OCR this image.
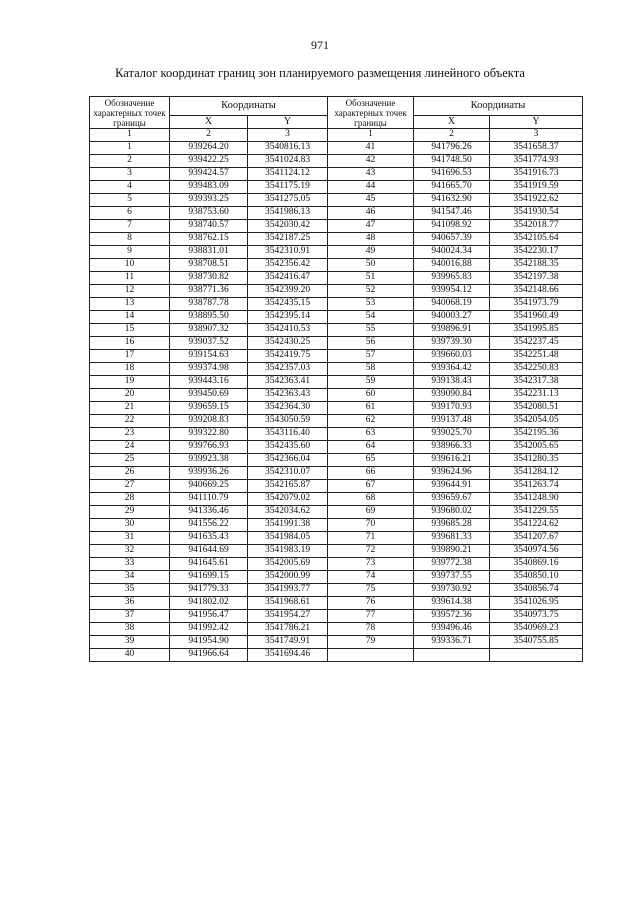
971
Каталог координат границ зон планируемого размещения линейного объекта
Обозначение характерных точек границы	Координаты		Обозначение характерных точек границы	Координаты	
	X	Y		X	Y
1	2	3	1	2	3
1	939264.20	3540816.13	41	941796.26	3541658.37
2	939422.25	3541024.83	42	941748.50	3541774.93
3	939424.57	3541124.12	43	941696.53	3541916.73
4	939483.09	3541175.19	44	941665.70	3541919.59
5	939393.25	3541275.05	45	941632.90	3541922.62
6	938753.60	3541986.13	46	941547.46	3541930.54
7	938740.57	3542030.42	47	941098.92	3542018.77
8	938762.15	3542187.25	48	940657.39	3542105.64
9	938831.01	3542310.91	49	940024.34	3542230.17
10	938708.51	3542356.42	50	940016.88	3542188.35
11	938730.82	3542416.47	51	939965.83	3542197.38
12	938771.36	3542399.20	52	939954.12	3542148.66
13	938787.78	3542435.15	53	940068.19	3541973.79
14	938895.50	3542395.14	54	940003.27	3541960.49
15	938907.32	3542410.53	55	939896.91	3541995.85
16	939037.52	3542430.25	56	939739.30	3542237.45
17	939154.63	3542419.75	57	939660.03	3542251.48
18	939374.98	3542357.03	58	939364.42	3542250.83
19	939443.16	3542363.41	59	939138.43	3542317.38
20	939450.69	3542363.43	60	939090.84	3542231.13
21	939659.15	3542364.30	61	939170.93	3542080.51
22	939208.83	3543050.59	62	939137.48	3542054.05
23	939322.80	3543116.40	63	939025.70	3542195.36
24	939766.93	3542435.60	64	938966.33	3542005.65
25	939923.38	3542366.04	65	939616.21	3541280.35
26	939936.26	3542310.07	66	939624.96	3541284.12
27	940669.25	3542165.87	67	939644.91	3541263.74
28	941110.79	3542079.02	68	939659.67	3541248.90
29	941336.46	3542034.62	69	939680.02	3541229.55
30	941556.22	3541991.38	70	939685.28	3541224.62
31	941635.43	3541984.05	71	939681.33	3541207.67
32	941644.69	3541983.19	72	939890.21	3540974.56
33	941645.61	3542005.69	73	939772.38	3540869.16
34	941699.15	3542000.99	74	939737.55	3540850.10
35	941779.33	3541993.77	75	939730.92	3540856.74
36	941802.02	3541968.61	76	939614.38	3541026.95
37	941956.47	3541954.27	77	939572.36	3540973.75
38	941992.42	3541786.21	78	939496.46	3540969.23
39	941954.90	3541749.91	79	939336.71	3540755.85
40	941966.64	3541694.46			
